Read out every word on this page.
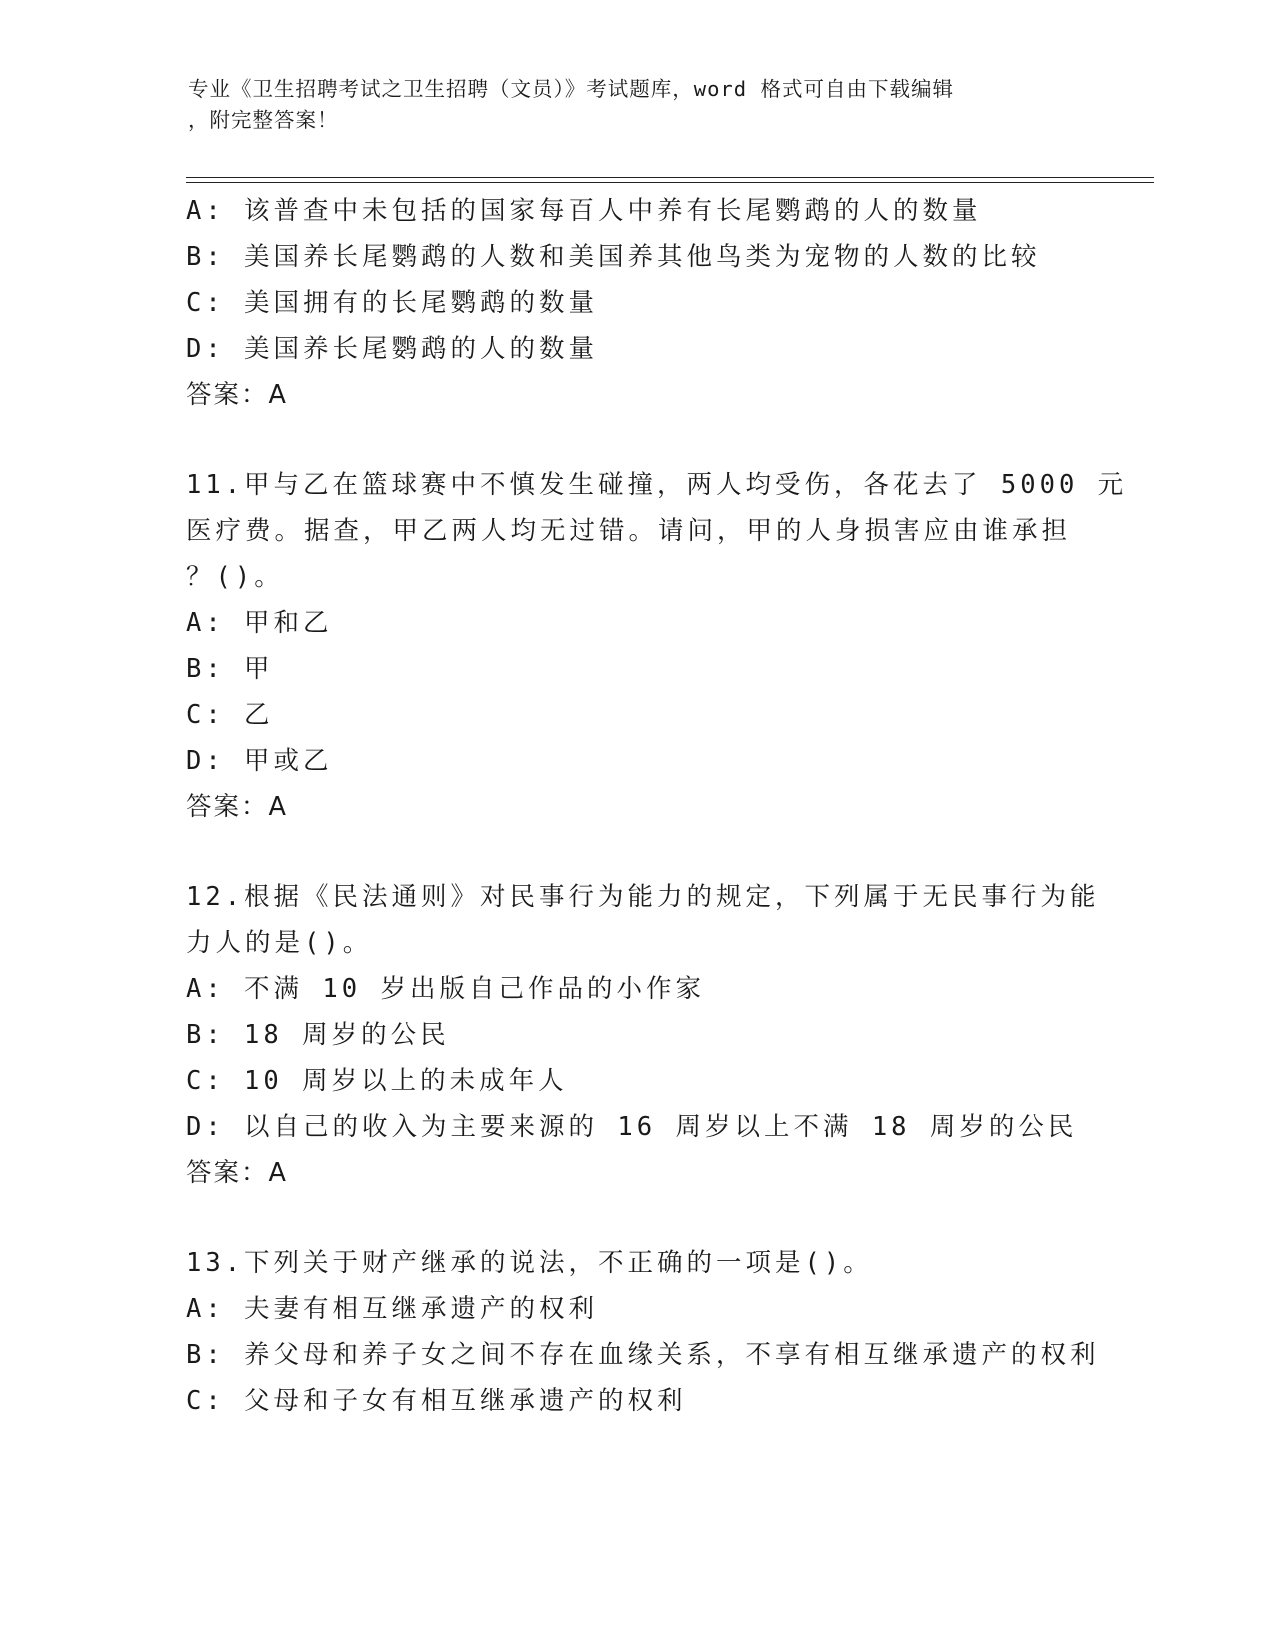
专业《卫生招聘考试之卫生招聘（文员）》考试题库，word 格式可自由下载编辑
，附完整答案！
A: 该普查中未包括的国家每百人中养有长尾鹦鹉的人的数量
B: 美国养长尾鹦鹉的人数和美国养其他鸟类为宠物的人数的比较
C: 美国拥有的长尾鹦鹉的数量
D: 美国养长尾鹦鹉的人的数量
答案：A
11.甲与乙在篮球赛中不慎发生碰撞，两人均受伤，各花去了 5000 元
医疗费。据查，甲乙两人均无过错。请问，甲的人身损害应由谁承担
？()。
A: 甲和乙
B: 甲
C: 乙
D: 甲或乙
答案：A
12.根据《民法通则》对民事行为能力的规定，下列属于无民事行为能
力人的是()。
A: 不满 10 岁出版自己作品的小作家
B: 18 周岁的公民
C: 10 周岁以上的未成年人
D: 以自己的收入为主要来源的 16 周岁以上不满 18 周岁的公民
答案：A
13.下列关于财产继承的说法，不正确的一项是()。
A: 夫妻有相互继承遗产的权利
B: 养父母和养子女之间不存在血缘关系，不享有相互继承遗产的权利
C: 父母和子女有相互继承遗产的权利
